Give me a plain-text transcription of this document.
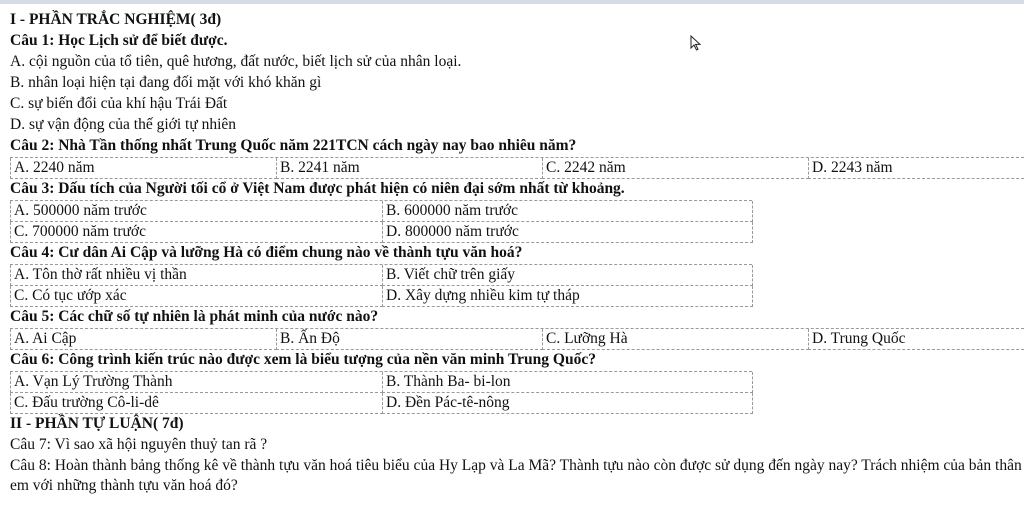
I - PHẦN TRẮC NGHIỆM( 3đ)
Câu 1: Học Lịch sử để biết được.
A. cội nguồn của tổ tiên, quê hương, đất nước, biết lịch sử của nhân loại.
B. nhân loại hiện tại đang đối mặt với khó khăn gì
C. sự biến đổi của khí hậu Trái Đất
D. sự vận động của thế giới tự nhiên
Câu 2: Nhà Tần thống nhất Trung Quốc năm 221TCN cách ngày nay bao nhiêu năm?
A. 2240 năm	B. 2241 năm	C. 2242 năm	D. 2243 năm
Câu 3: Dấu tích của Người tối cổ ở Việt Nam được phát hiện có niên đại sớm nhất từ khoảng.
A. 500000 năm trước	B. 600000 năm trước
C. 700000 năm trước	D. 800000 năm trước
Câu 4: Cư dân Ai Cập và lưỡng Hà có điểm chung nào về thành tựu văn hoá?
A. Tôn thờ rất nhiều vị thần	B. Viết chữ trên giấy
C. Có tục ướp xác	D. Xây dựng nhiều kim tự tháp
Câu 5: Các chữ số tự nhiên là phát minh của nước nào?
A. Ai Cập	B. Ấn Độ	C. Lưỡng Hà	D. Trung Quốc
Câu 6: Công trình kiến trúc nào được xem là biểu tượng của nền văn minh Trung Quốc?
A. Vạn Lý Trường Thành	B. Thành Ba- bi-lon
C. Đấu trường Cô-li-dê	D. Đền Pác-tê-nông
II - PHẦN TỰ LUẬN( 7đ)
Câu 7: Vì sao xã hội nguyên thuỷ tan rã ?
Câu 8: Hoàn thành bảng thống kê về thành tựu văn hoá tiêu biểu của Hy Lạp và La Mã? Thành tựu nào còn được sử dụng đến ngày nay? Trách nhiệm của bản thân em với những thành tựu văn hoá đó?
